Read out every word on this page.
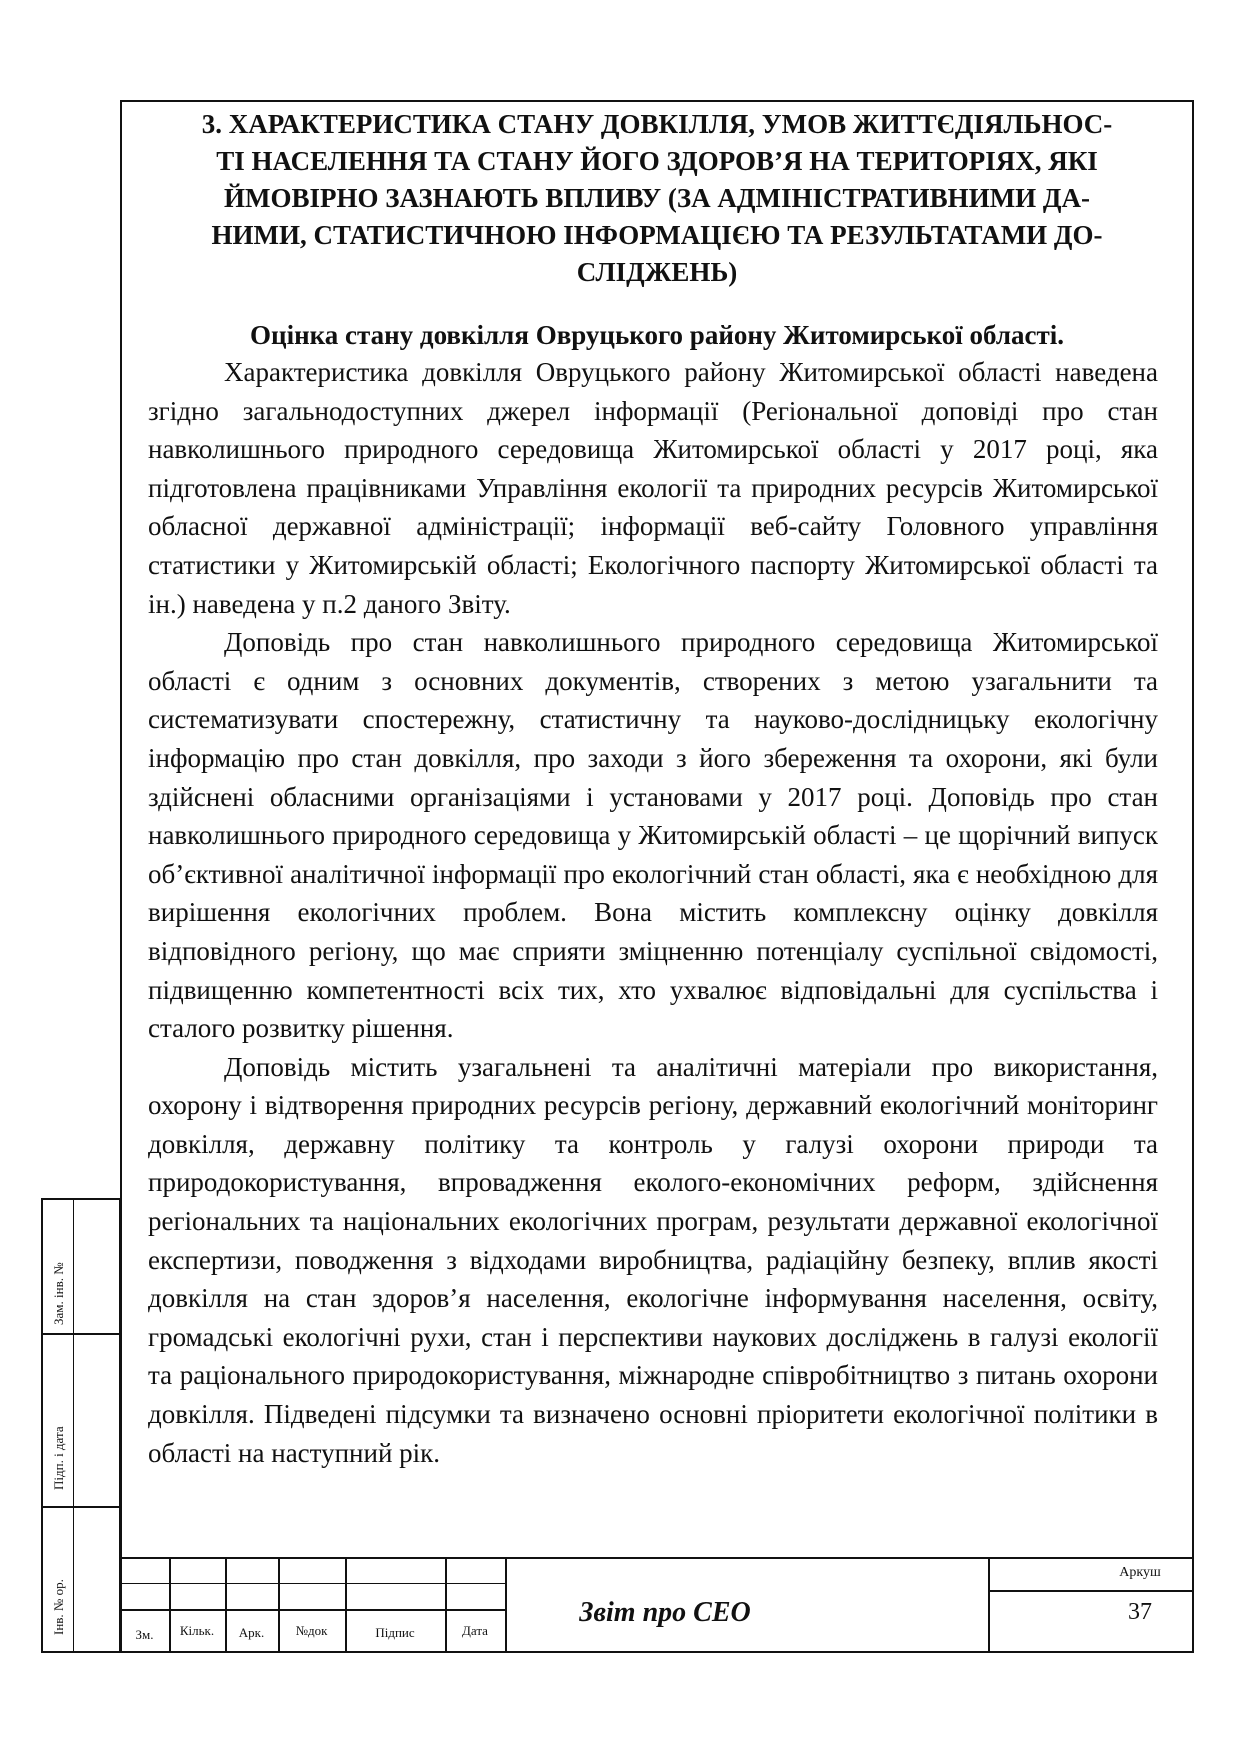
3. ХАРАКТЕРИСТИКА СТАНУ ДОВКІЛЛЯ, УМОВ ЖИТТЄДІЯЛЬНОС-
ТІ НАСЕЛЕННЯ ТА СТАНУ ЙОГО ЗДОРОВ’Я НА ТЕРИТОРІЯХ, ЯКІ
ЙМОВІРНО ЗАЗНАЮТЬ ВПЛИВУ (ЗА АДМІНІСТРАТИВНИМИ ДА-
НИМИ, СТАТИСТИЧНОЮ ІНФОРМАЦІЄЮ ТА РЕЗУЛЬТАТАМИ ДО-
СЛІДЖЕНЬ)
Оцінка стану довкілля Овруцького району Житомирської області.

Характеристика довкілля Овруцького району Житомирської області наведена згідно загальнодоступних джерел інформації (Регіональної доповіді про стан навколишнього природного середовища Житомирської області у 2017 році, яка підготовлена працівниками Управління екології та природних ресурсів Житомирської обласної державної адміністрації; інформації веб-сайту Головного управління статистики у Житомирській області; Екологічного паспорту Житомирської області та ін.) наведена у п.2 даного Звіту.

Доповідь про стан навколишнього природного середовища Житомирської області є одним з основних документів, створених з метою узагальнити та систематизувати спостережну, статистичну та науково-дослідницьку екологічну інформацію про стан довкілля, про заходи з його збереження та охорони, які були здійснені обласними організаціями і установами у 2017 році. Доповідь про стан навколишнього природного середовища у Житомирській області – це щорічний випуск об’єктивної аналітичної інформації про екологічний стан області, яка є необхідною для вирішення екологічних проблем. Вона містить комплексну оцінку довкілля відповідного регіону, що має сприяти зміцненню потенціалу суспільної свідомості, підвищенню компетентності всіх тих, хто ухвалює відповідальні для суспільства і сталого розвитку рішення.

Доповідь містить узагальнені та аналітичні матеріали про використання, охорону і відтворення природних ресурсів регіону, державний екологічний моніторинг довкілля, державну політику та контроль у галузі охорони природи та природокористування, впровадження еколого-економічних реформ, здійснення регіональних та національних екологічних програм, результати державної екологічної експертизи, поводження з відходами виробництва, радіаційну безпеку, вплив якості довкілля на стан здоров’я населення, екологічне інформування населення, освіту, громадські екологічні рухи, стан і перспективи наукових досліджень в галузі екології та раціонального природокористування, міжнародне співробітництво з питань охорони довкілля. Підведені підсумки та визначено основні пріоритети екологічної політики в області на наступний рік.

Зам. інв. №
Підп. і дата
Інв. № ор.	Зм.	Кільк.	Арк.	№док	Підпис	Дата
Звіт про СЕО
Аркуш
37
